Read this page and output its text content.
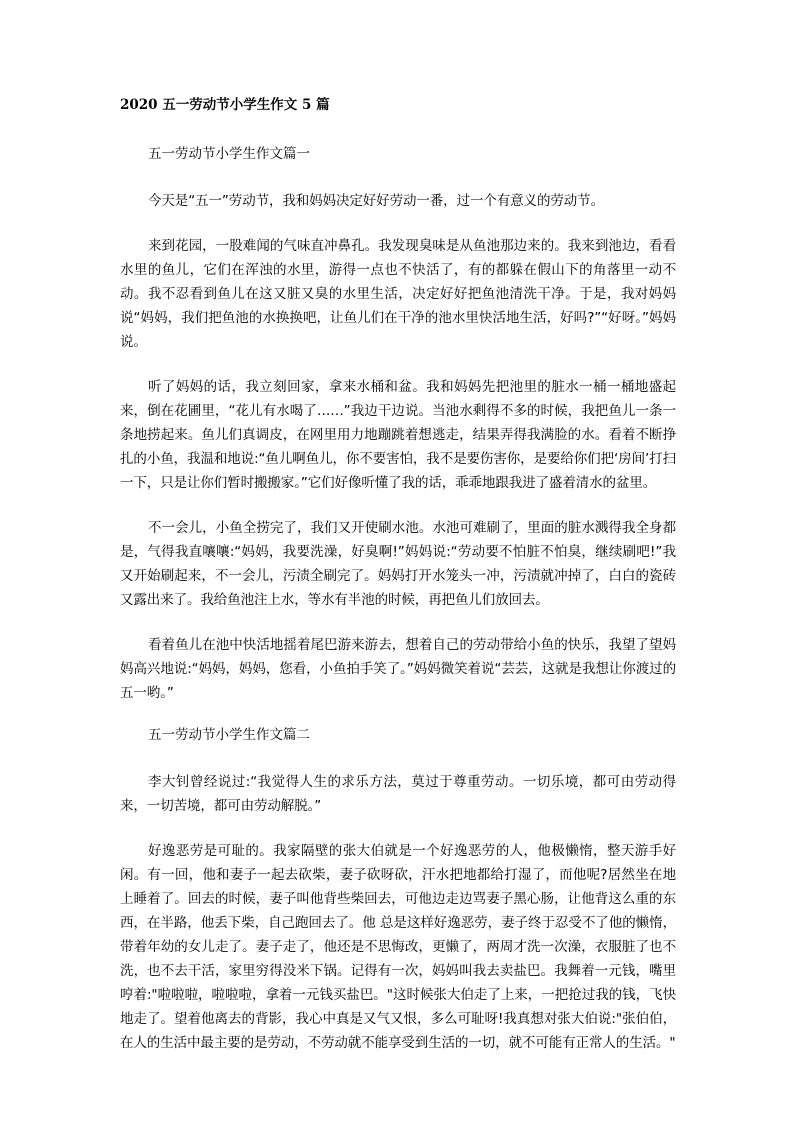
2020 五一劳动节小学生作文 5 篇
五一劳动节小学生作文篇一

今天是“五一”劳动节，我和妈妈决定好好劳动一番，过一个有意义的劳动节。

来到花园，一股难闻的气味直冲鼻孔。我发现臭味是从鱼池那边来的。我来到池边，看看水里的鱼儿，它们在浑浊的水里，游得一点也不快活了，有的都躲在假山下的角落里一动不动。我不忍看到鱼儿在这又脏又臭的水里生活，决定好好把鱼池清洗干净。于是，我对妈妈说“妈妈，我们把鱼池的水换换吧，让鱼儿们在干净的池水里快活地生活，好吗?”“好呀。”妈妈说。

听了妈妈的话，我立刻回家，拿来水桶和盆。我和妈妈先把池里的脏水一桶一桶地盛起来，倒在花圃里，“花儿有水喝了……”我边干边说。当池水剩得不多的时候，我把鱼儿一条一条地捞起来。鱼儿们真调皮，在网里用力地蹦跳着想逃走，结果弄得我满脸的水。看着不断挣扎的小鱼，我温和地说:“鱼儿啊鱼儿，你不要害怕，我不是要伤害你，是要给你们把‘房间’打扫一下，只是让你们暂时搬搬家。”它们好像听懂了我的话，乖乖地跟我进了盛着清水的盆里。

不一会儿，小鱼全捞完了，我们又开使刷水池。水池可难刷了，里面的脏水溅得我全身都是，气得我直嚷嚷:“妈妈，我要洗澡，好臭啊!”妈妈说:“劳动要不怕脏不怕臭，继续刷吧!”我又开始刷起来，不一会儿，污渍全刷完了。妈妈打开水笼头一冲，污渍就冲掉了，白白的瓷砖又露出来了。我给鱼池注上水，等水有半池的时候，再把鱼儿们放回去。

看着鱼儿在池中快活地摇着尾巴游来游去，想着自己的劳动带给小鱼的快乐，我望了望妈妈高兴地说:“妈妈，妈妈，您看，小鱼拍手笑了。”妈妈微笑着说“芸芸，这就是我想让你渡过的五一哟。”

五一劳动节小学生作文篇二

李大钊曾经说过:“我觉得人生的求乐方法，莫过于尊重劳动。一切乐境，都可由劳动得来，一切苦境，都可由劳动解脱。”

好逸恶劳是可耻的。我家隔壁的张大伯就是一个好逸恶劳的人，他极懒惰，整天游手好闲。有一回，他和妻子一起去砍柴，妻子砍呀砍，汗水把地都给打湿了，而他呢?居然坐在地上睡着了。回去的时候，妻子叫他背些柴回去，可他边走边骂妻子黑心肠，让他背这么重的东西，在半路，他丢下柴，自己跑回去了。他 总是这样好逸恶劳，妻子终于忍受不了他的懒惰，带着年幼的女儿走了。妻子走了，他还是不思悔改，更懒了，两周才洗一次澡，衣服脏了也不洗，也不去干活，家里穷得没米下锅。记得有一次，妈妈叫我去卖盐巴。我舞着一元钱，嘴里哼着:"啦啦啦，啦啦啦，拿着一元钱买盐巴。"这时候张大伯走了上来，一把抢过我的钱，飞快地走了。望着他离去的背影，我心中真是又气又恨，多么可耻呀!我真想对张大伯说:"张伯伯，在人的生活中最主要的是劳动，不劳动就不能享受到生活的一切，就不可能有正常人的生活。"
